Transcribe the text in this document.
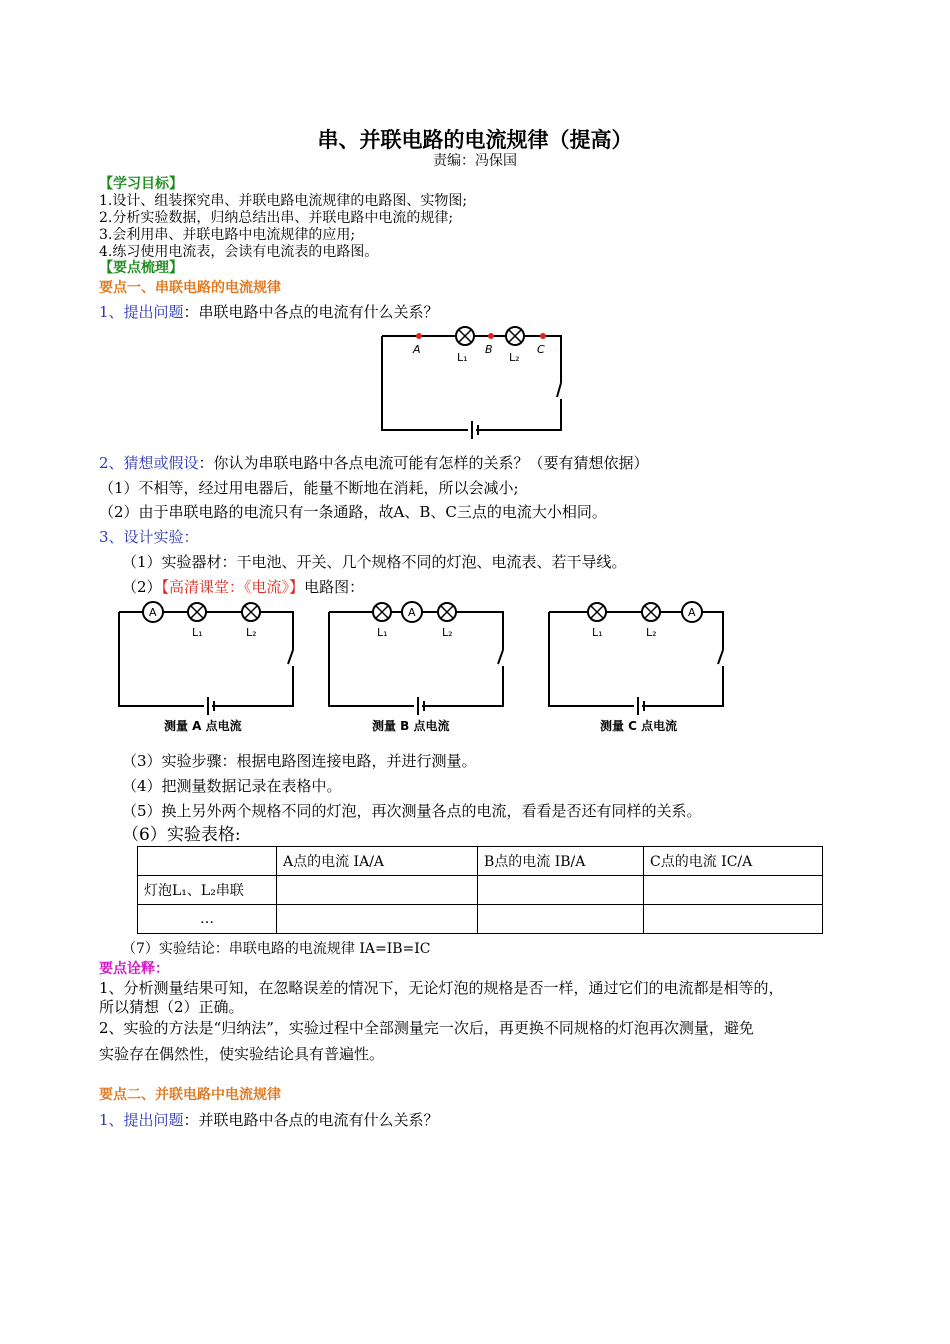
串、并联电路的电流规律（提高）
责编：冯保国
【学习目标】
1.设计、组装探究串、并联电路电流规律的电路图、实物图;
2.分析实验数据，归纳总结出串、并联电路中电流的规律;
3.会利用串、并联电路中电流规律的应用;
4.练习使用电流表，会读有电流表的电路图。
【要点梳理】
要点一、串联电路的电流规律
1、提出问题：串联电路中各点的电流有什么关系？
A	B	C
L₁	L₂
2、猜想或假设：你认为串联电路中各点电流可能有怎样的关系？（要有猜想依据）
（1）不相等，经过用电器后，能量不断地在消耗，所以会减小;
（2）由于串联电路的电流只有一条通路，故A、B、C三点的电流大小相同。
3、设计实验：
（1）实验器材：干电池、开关、几个规格不同的灯泡、电流表、若干导线。
（2）【高清课堂：《电流》】电路图：
A
L₁	L₂
测量 A 点电流
A
L₁	L₂
测量 B 点电流
A
L₁	L₂
测量 C 点电流
（3）实验步骤：根据电路图连接电路，并进行测量。
（4）把测量数据记录在表格中。
（5）换上另外两个规格不同的灯泡，再次测量各点的电流，看看是否还有同样的关系。
（6）实验表格:
	A点的电流 IA/A	B点的电流 IB/A	C点的电流 IC/A
灯泡L₁、L₂串联			
…			
（7）实验结论：串联电路的电流规律 IA=IB=IC
要点诠释：
1、分析测量结果可知，在忽略误差的情况下，无论灯泡的规格是否一样，通过它们的电流都是相等的，
所以猜想（2）正确。
2、实验的方法是“归纳法”，实验过程中全部测量完一次后，再更换不同规格的灯泡再次测量，避免
实验存在偶然性，使实验结论具有普遍性。
要点二、并联电路中电流规律
1、提出问题：并联电路中各点的电流有什么关系？
